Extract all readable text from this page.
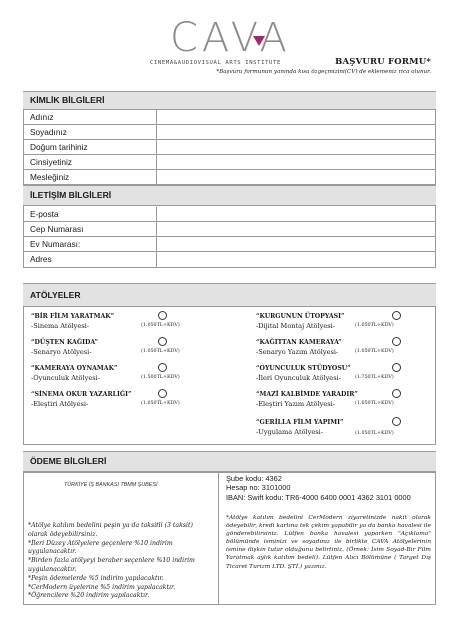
CAVA
CINEMA&AUDIOVISUAL ARTS INSTITUTE	BAŞVURU FORMU*
*Başvuru formunun yanında kısa özgeçmizini(CV) de eklemeniz rica olunur.
KİMLİK BİLGİLERİ
Adınız
Soyadınız
Doğum tarihiniz
Cinsiyetiniz
Mesleğiniz
İLETİŞİM BİLGİLERİ
E-posta
Cep Numarası
Ev Numarası:
Adres
ATÖLYELER
“BİR FİLM YARATMAK”
-Sinema Atölyesi-	(1.050TL+KDV)
“DÜŞTEN KAĞIDA”
-Senaryo Atölyesi-	(1.050TL+KDV)
“KAMERAYA OYNAMAK”
-Oyunculuk Atölyesi-	(1.500TL+KDV)
“SİNEMA OKUR YAZARLIĞI”
-Eleştiri Atölyesi-	(1.050TL+KDV)
“KURGUNUN ÜTOPYASI”
-Dijital Montaj Atölyesi-	(1.050TL+KDV)
“KAĞITTAN KAMERAYA”
-Senaryo Yazım Atölyesi-	(1.050TL+KDV)
“OYUNCULUK STÜDYOSU”
-İleri Oyunculuk Atölyesi-	(1.750TL+KDV)
“MAZİ KALBİMDE YARADIR”
-Eleştiri Yazım Atölyesi-	(1.050TL+KDV)
“GERİLLA FİLM YAPIMI”
-Uygulama Atölyesi-	(1.050TL+KDV)
ÖDEME BİLGİLERİ
TÜRKİYE İŞ BANKASI TBMM ŞUBESİ
*Atölye katılım bedelini peşin ya da taksitli (3 taksit) olarak ödeyebilirsiniz.
*İleri Düzey Atölyelere geçenlere %10 indirim uygulanacaktır.
*Birden fazla atölyeyi beraber seçenlere %10 indirim uygulanacaktır.
*Peşin ödemelerde %5 indirim yapılacaktır.
*CerModern üyelerine %5 indirim yapılacaktır.
*Öğrencilere %20 indirim yapılacaktır.
Şube kodu: 4362
Hesap no: 3101000
IBAN: Swift kodu: TR6-4000 6400 0001 4362 3101 0000
*Atölye katılım bedelini CerModern ziyaretinizde nakit olarak ödeyebilir, kredi kartına tek çekim yapabilir ya da banka havalesi ile gönderebilirsiniz. Lütfen banka havalesi yaparken "Açıklama" bölümünde isminizi ve soyadınız ile birlikte CAVA Atölyelerinin ismine ilişkin tutar olduğunu belirtiniz. (Örnek: İsim Soyad-Bir Film Yaratmak aylık katılım bedeli). Lütfen Alıcı Bölümüne ( Target Dış Ticaret Turizm LTD. ŞTİ.) yazınız.
